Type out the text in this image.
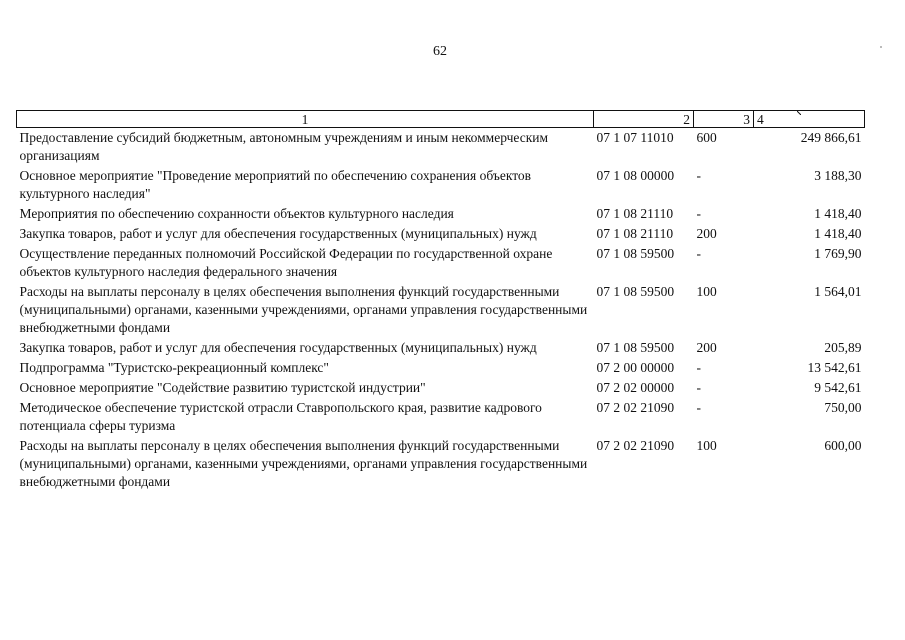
62
1	2	3	4
Предоставление субсидий бюджетным, автономным учреждениям и иным некоммерческим организациям	07 1 07 11010	600	249 866,61
Основное мероприятие "Проведение мероприятий по обеспечению сохранения объектов культурного наследия"	07 1 08 00000	-	3 188,30
Мероприятия по обеспечению сохранности объектов культурного наследия	07 1 08 21110	-	1 418,40
Закупка товаров, работ и услуг для обеспечения государственных (муниципальных) нужд	07 1 08 21110	200	1 418,40
Осуществление переданных полномочий Российской Федерации по государственной охране объектов культурного наследия федерального значения	07 1 08 59500	-	1 769,90
Расходы на выплаты персоналу в целях обеспечения выполнения функций государственными (муниципальными) органами, казенными учреждениями, органами управления государственными внебюджетными фондами	07 1 08 59500	100	1 564,01
Закупка товаров, работ и услуг для обеспечения государственных (муниципальных) нужд	07 1 08 59500	200	205,89
Подпрограмма "Туристско-рекреационный комплекс"	07 2 00 00000	-	13 542,61
Основное мероприятие "Содействие развитию туристской индустрии"	07 2 02 00000	-	9 542,61
Методическое обеспечение туристской отрасли Ставропольского края, развитие кадрового потенциала сферы туризма	07 2 02 21090	-	750,00
Расходы на выплаты персоналу в целях обеспечения выполнения функций государственными (муниципальными) органами, казенными учреждениями, органами управления государственными внебюджетными фондами	07 2 02 21090	100	600,00
